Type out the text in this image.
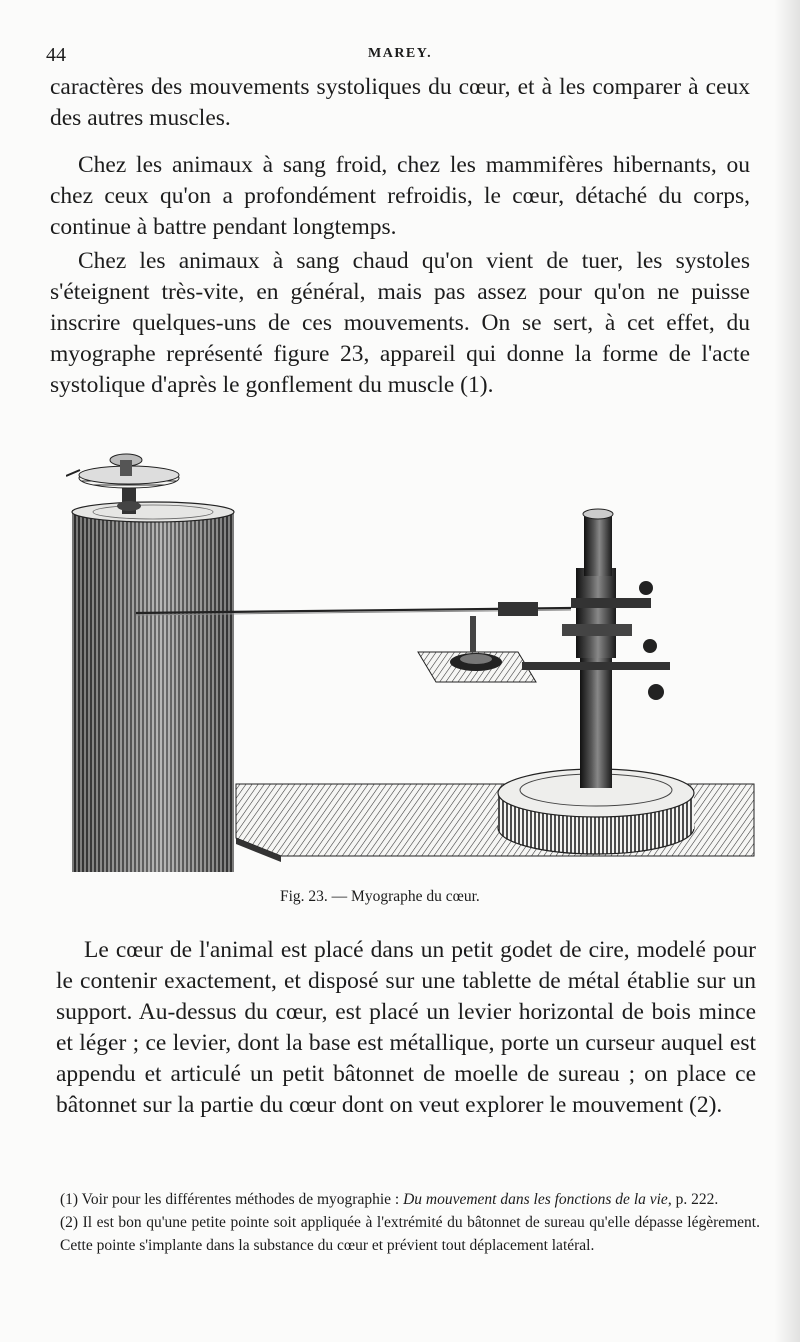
44	MAREY.

caractères des mouvements systoliques du cœur, et à les comparer à ceux des autres muscles.

Chez les animaux à sang froid, chez les mammifères hibernants, ou chez ceux qu'on a profondément refroidis, le cœur, détaché du corps, continue à battre pendant longtemps.

Chez les animaux à sang chaud qu'on vient de tuer, les systoles s'éteignent très-vite, en général, mais pas assez pour qu'on ne puisse inscrire quelques-uns de ces mouvements. On se sert, à cet effet, du myographe représenté figure 23, appareil qui donne la forme de l'acte systolique d'après le gonflement du muscle (1).

Fig. 23. — Myographe du cœur.

Le cœur de l'animal est placé dans un petit godet de cire, modelé pour le contenir exactement, et disposé sur une tablette de métal établie sur un support. Au-dessus du cœur, est placé un levier horizontal de bois mince et léger ; ce levier, dont la base est métallique, porte un curseur auquel est appendu et articulé un petit bâtonnet de moelle de sureau ; on place ce bâtonnet sur la partie du cœur dont on veut explorer le mouvement (2).

(1) Voir pour les différentes méthodes de myographie : Du mouvement dans les fonctions de la vie, p. 222.

(2) Il est bon qu'une petite pointe soit appliquée à l'extrémité du bâtonnet de sureau qu'elle dépasse légèrement. Cette pointe s'implante dans la substance du cœur et prévient tout déplacement latéral.
